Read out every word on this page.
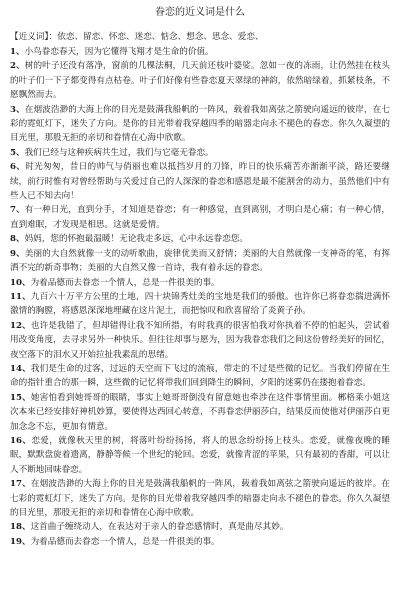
眷恋的近义词是什么

【近义词】：依恋、留恋、怀恋、迷恋、惦念、想念、思念、爱恋、

1、小鸟眷恋春天，因为它懂得飞翔才是生命的价值。

2、树的叶子还没有落净，窗前的几棵法桐，几天前还枝叶婆娑。忽如一夜的冻雨，让仍然挂在枝头的叶子们一下子都变得有点枯卷。叶子们好像有些眷恋夏天翠绿的神韵，依然暗绿着，抓紧枝条，不愿飘然而去。

3、在烟波浩渺的大海上你的目光是鼓满我船帆的一阵风，载着我如离弦之箭驶向遥远的彼岸，在七彩的霓虹灯下，迷失了方向。是你的目光带着我穿越四季的暗器走向永不褪色的春恋。你久久凝望的目光里，那股无拒的亲切和眷情在心海中欣歌。

5、我们已经与这种疾病共生过，我们与它毫无眷恋。

6、时光匆匆，昔日的帅气与俏丽也难以抵挡岁月的刀锋，昨日的快乐痛苦亦渐渐平淡，路还要继续，前行时惟有对曾经帮助与关爱过自己的人深深的眷恋和感恩是最不能割舍的动力，虽然他们中有些人已不知去向！

7、有一种日光，直到分手，才知道是眷恋；有一种感觉，直到离别，才明白是心痛；有一种心情，直到难眠，才发现是相思。这就是爱情。

8、妈妈，您的怀抱最温暖！无论我走多远，心中永远眷恋您。

9、美丽的大自然就像一支的动听歌曲，旋律优美而又舒情；美丽的大自然就像一支神奇的笔，有挥洒不完的新奇事物；美丽的大自然又像一首诗，我有着永远的眷恋。

10、为着品德而去眷恋一个情人，总是一件很美的事。

11、九百六十万平方公里的土地，四十块锦秀灶美的宝地是我们的骄傲。也许你已将眷恋揣进满怀激情的胸膛，将感恩深深地埋藏在这片泥土，而把惊叹和欣喜留给了炎黄子孙。

12、也许是我错了，但却错得让我不知所措，有时我真的很害怕我对你执着不停的怕起头，尝试着用改变角度，去寻求另外一种快乐。但往往却事与愿为，因为我眷恋我们之间这份曾经美好的回忆，夜空落下的泪水又开始拉扯我素乱的思绪。

14、我们是生命的过客，过远的天空而下飞过的流痕，带走的不过是些微的记忆。当我们停留在生命的指针重合的那一瞬，这些微的记忆将带我们回到降生的瞬间，夕阳的迷雾仍在搂抱着眷恋。

15、她害怕看到她哥哥的眼睛，事实上她哥哥倒没有留意她也牵涉在这件事情里面。郴格莱小姐这次本来已经安排好神机妙算，要使得达西回心转意，不再眷恋伊丽莎白，结果反而使他对伊丽莎白更加念念不忘，更加有情意。

16、恋爱，就像秋天里的树，将落叶纷纷扬扬，将人的思念纷纷扬上枝头。恋爱，就像夜晚的睡眠，默默盘旋着遗离，静静等候一个世纪的轮回。恋爱，就像青涩的苹果，只有最初的香甜，可以让人不断地回味眷恋。

17、在烟波浩渺的大海上你的目光是鼓满我船帆的一阵风，载着我如离弦之箭驶向遥远的彼岸。在七彩的霓虹灯下，迷失了方向。是你的目光带着我穿越四季的暗器走向永不褪色的眷恋。你久久凝望的目光里，那股无拒的亲切和眷情在心海中欣歌。

18、这首曲子缠绕动人，在表达对于亲人的眷恋感情时，真是曲尽其妙。

19、为着品德而去眷恋一个情人，总是一件很美的事。
